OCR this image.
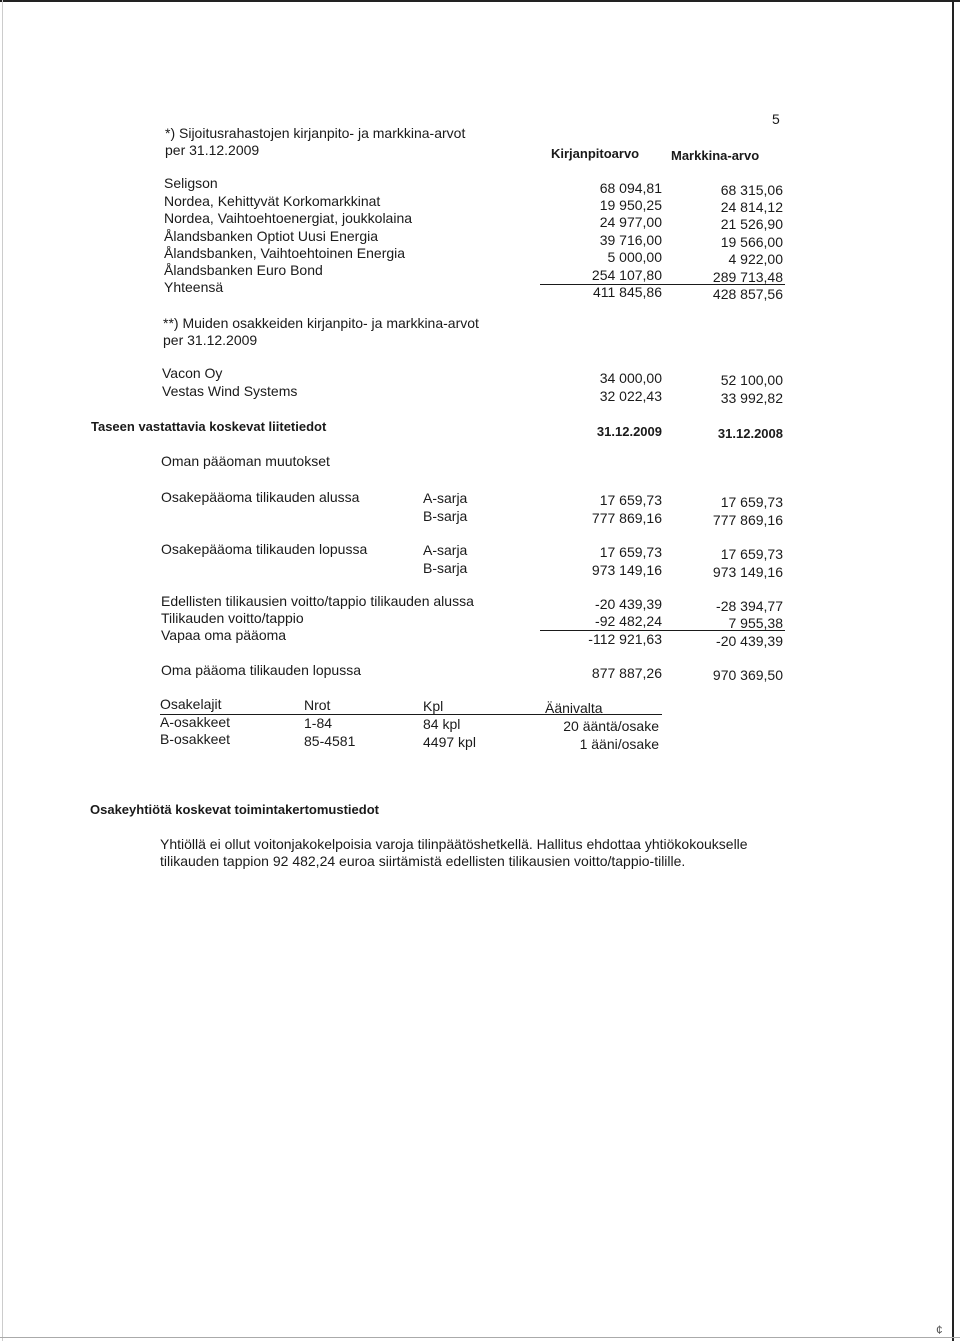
5
*) Sijoitusrahastojen kirjanpito- ja markkina-arvot
per 31.12.2009	Kirjanpitoarvo Markkina-arvo
Seligson	68 094,81	68 315,06
Nordea, Kehittyvät Korkomarkkinat	19 950,25	24 814,12
Nordea, Vaihtoehtoenergiat, joukkolaina	24 977,00	21 526,90
Ålandsbanken Optiot Uusi Energia	39 716,00	19 566,00
Ålandsbanken, Vaihtoehtoinen Energia	5 000,00	4 922,00
Ålandsbanken Euro Bond	254 107,80	289 713,48
Yhteensä	411 845,86	428 857,56
**) Muiden osakkeiden kirjanpito- ja markkina-arvot
per 31.12.2009
Vacon Oy	34 000,00	52 100,00
Vestas Wind Systems	32 022,43	33 992,82
Taseen vastattavia koskevat liitetiedot	31.12.2009	31.12.2008
Oman pääoman muutokset
Osakepääoma tilikauden alussa	A-sarja	17 659,73	17 659,73
B-sarja	777 869,16	777 869,16
Osakepääoma tilikauden lopussa	A-sarja	17 659,73	17 659,73
B-sarja	973 149,16	973 149,16
Edellisten tilikausien voitto/tappio tilikauden alussa	-20 439,39	-28 394,77
Tilikauden voitto/tappio	-92 482,24	7 955,38
Vapaa oma pääoma	-112 921,63	-20 439,39
Oma pääoma tilikauden lopussa	877 887,26	970 369,50
Osakelajit	Nrot	Kpl	Äänivalta
A-osakkeet	1-84	84 kpl	20 ääntä/osake
B-osakkeet	85-4581	4497 kpl	1 ääni/osake
Osakeyhtiötä koskevat toimintakertomustiedot
Yhtiöllä ei ollut voitonjakokelpoisia varoja tilinpäätöshetkellä. Hallitus ehdottaa yhtiökokoukselle
tilikauden tappion 92 482,24 euroa siirtämistä edellisten tilikausien voitto/tappio-tilille.
¢
